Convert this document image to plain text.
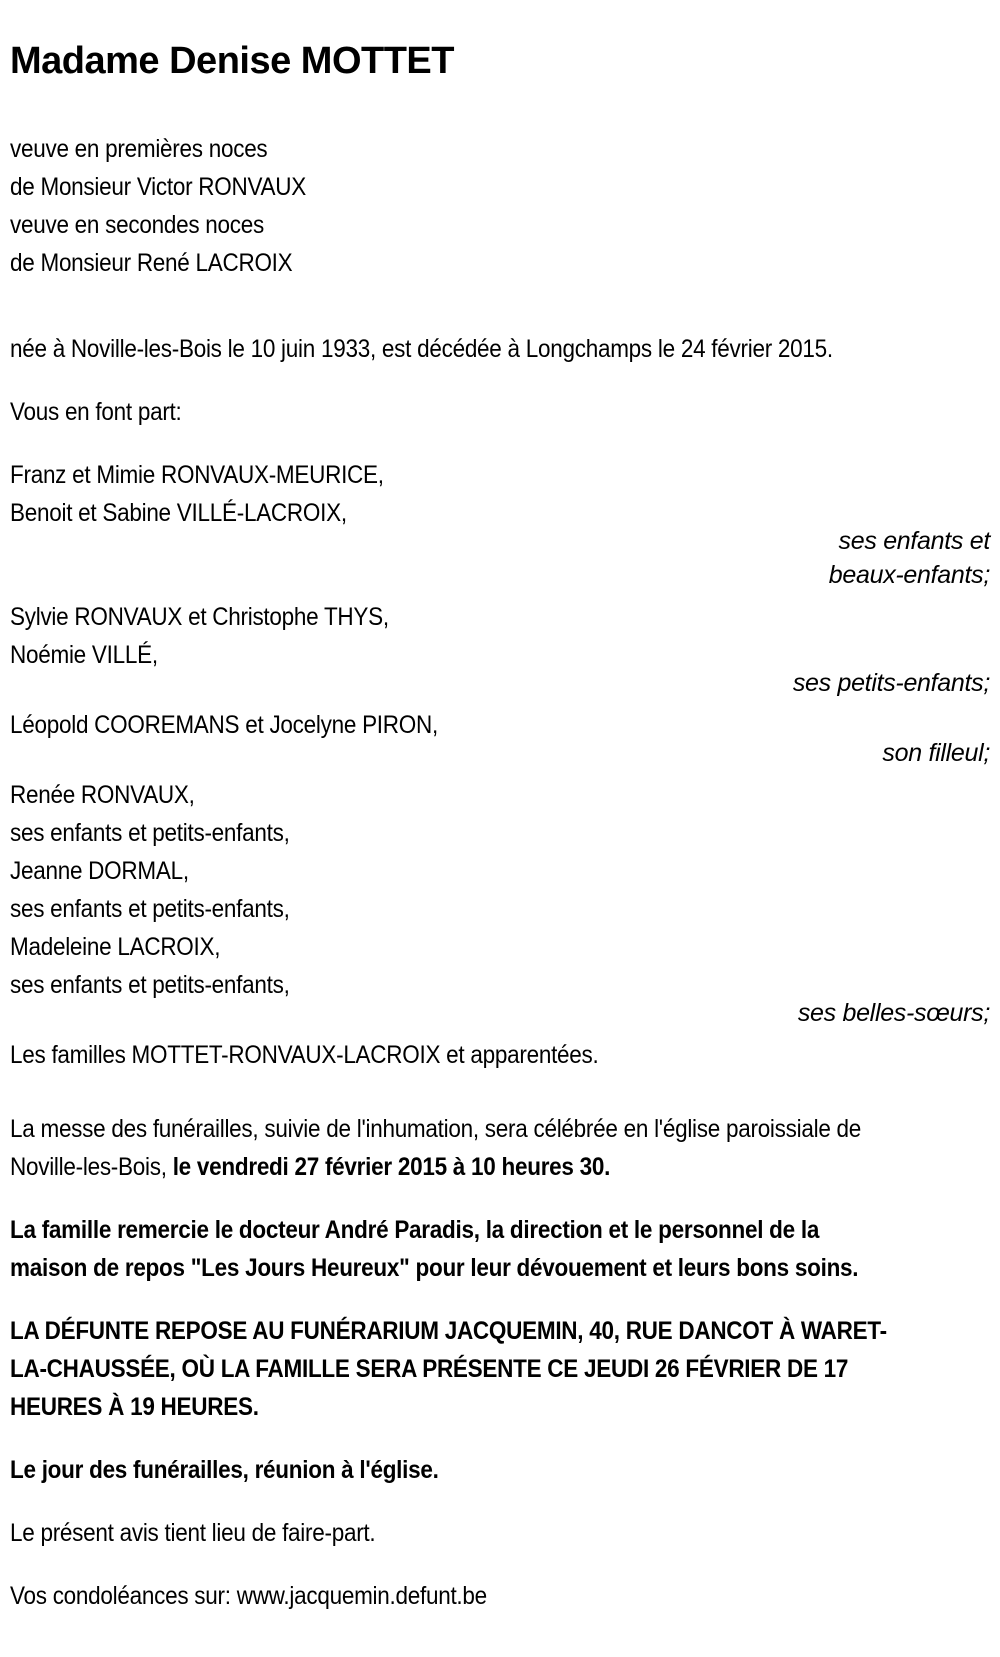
Madame Denise MOTTET
veuve en premières noces
de Monsieur Victor RONVAUX
veuve en secondes noces
de Monsieur René LACROIX

née à Noville-les-Bois le 10 juin 1933, est décédée à Longchamps le 24 février 2015.

Vous en font part:

Franz et Mimie RONVAUX-MEURICE,
Benoit et Sabine VILLÉ-LACROIX,
ses enfants et
beaux-enfants;
Sylvie RONVAUX et Christophe THYS,
Noémie VILLÉ,
ses petits-enfants;
Léopold COOREMANS et Jocelyne PIRON,
son filleul;
Renée RONVAUX,
ses enfants et petits-enfants,
Jeanne DORMAL,
ses enfants et petits-enfants,
Madeleine LACROIX,
ses enfants et petits-enfants,
ses belles-sœurs;

Les familles MOTTET-RONVAUX-LACROIX et apparentées.

La messe des funérailles, suivie de l'inhumation, sera célébrée en l'église paroissiale de Noville-les-Bois, le vendredi 27 février 2015 à 10 heures 30.

La famille remercie le docteur André Paradis, la direction et le personnel de la maison de repos "Les Jours Heureux" pour leur dévouement et leurs bons soins.

LA DÉFUNTE REPOSE AU FUNÉRARIUM JACQUEMIN, 40, RUE DANCOT À WARET-LA-CHAUSSÉE, OÙ LA FAMILLE SERA PRÉSENTE CE JEUDI 26 FÉVRIER DE 17 HEURES À 19 HEURES.

Le jour des funérailles, réunion à l'église.

Le présent avis tient lieu de faire-part.

Vos condoléances sur: www.jacquemin.defunt.be
